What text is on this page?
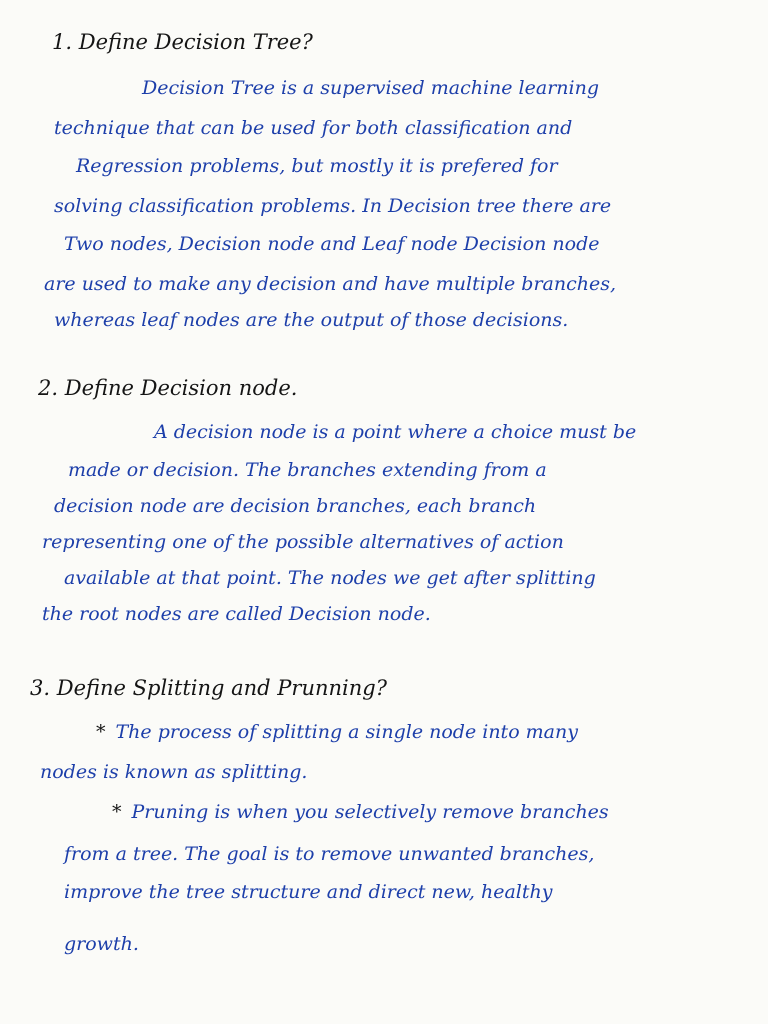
1. Define Decision Tree?
Decision Tree is a supervised machine learning
technique that can be used for both classification and
Regression problems, but mostly it is prefered for
solving classification problems. In Decision tree there are
Two nodes, Decision node and Leaf node Decision node
are used to make any decision and have multiple branches,
whereas leaf nodes are the output of those decisions.
2. Define Decision node.
A decision node is a point where a choice must be
made or decision. The branches extending from a
decision node are decision branches, each branch
representing one of the possible alternatives of action
available at that point. The nodes we get after splitting
the root nodes are called Decision node.
3. Define Splitting and Prunning?
* The process of splitting a single node into many
nodes is known as splitting.
* Pruning is when you selectively remove branches
from a tree. The goal is to remove unwanted branches,
improve the tree structure and direct new, healthy
growth.
